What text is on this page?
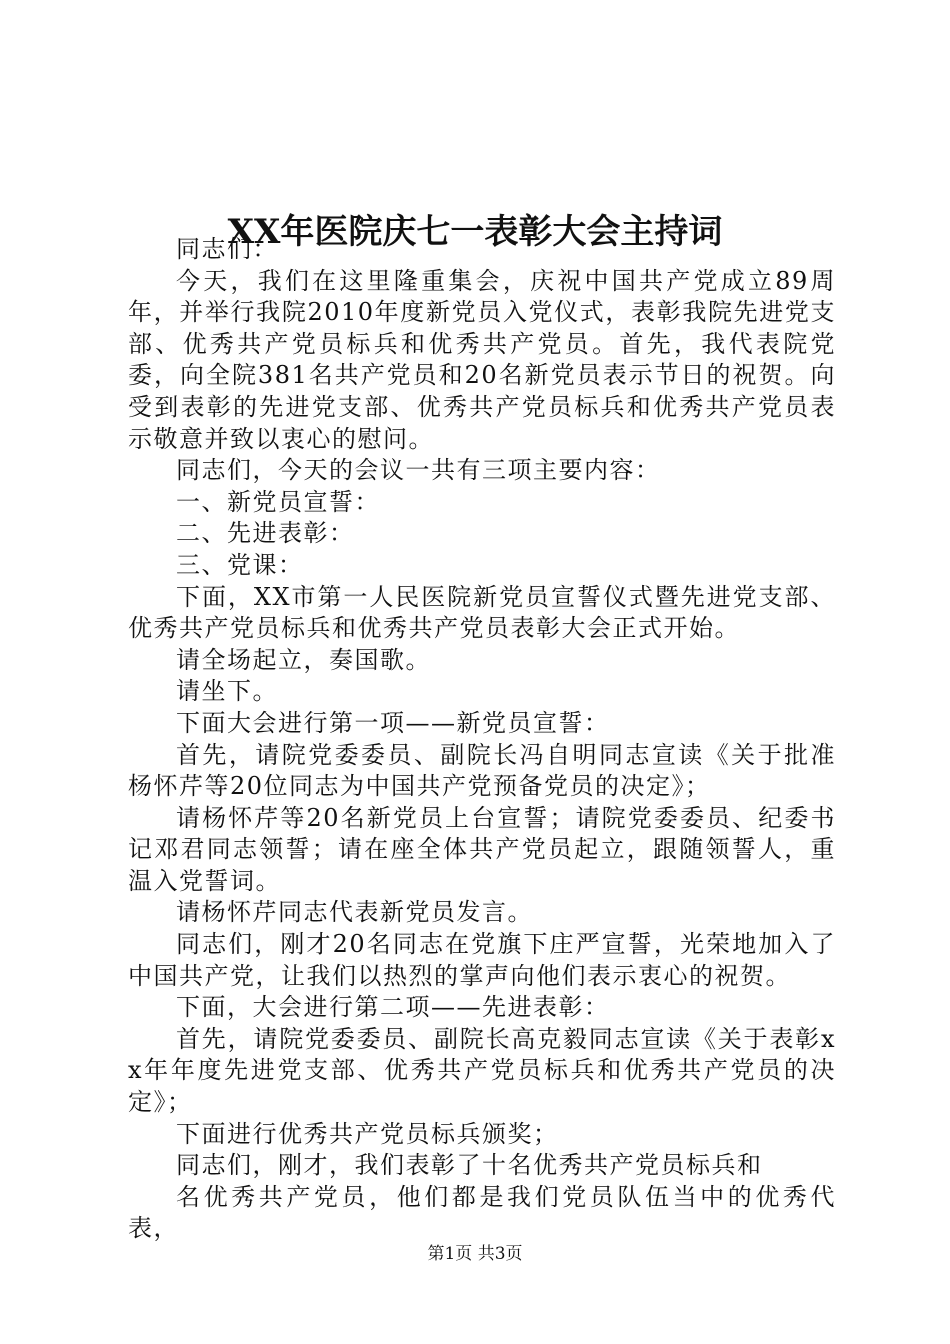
XX年医院庆七一表彰大会主持词

同志们：

今天，我们在这里隆重集会，庆祝中国共产党成立89周年，并举行我院2010年度新党员入党仪式，表彰我院先进党支部、优秀共产党员标兵和优秀共产党员。首先，我代表院党委，向全院381名共产党员和20名新党员表示节日的祝贺。向受到表彰的先进党支部、优秀共产党员标兵和优秀共产党员表示敬意并致以衷心的慰问。

同志们，今天的会议一共有三项主要内容：

一、新党员宣誓：

二、先进表彰：

三、党课：

下面，XX市第一人民医院新党员宣誓仪式暨先进党支部、优秀共产党员标兵和优秀共产党员表彰大会正式开始。

请全场起立，奏国歌。

请坐下。

下面大会进行第一项——新党员宣誓：

首先，请院党委委员、副院长冯自明同志宣读《关于批准杨怀芹等20位同志为中国共产党预备党员的决定》；

请杨怀芹等20名新党员上台宣誓；请院党委委员、纪委书记邓君同志领誓；请在座全体共产党员起立，跟随领誓人，重温入党誓词。

请杨怀芹同志代表新党员发言。

同志们，刚才20名同志在党旗下庄严宣誓，光荣地加入了中国共产党，让我们以热烈的掌声向他们表示衷心的祝贺。

下面，大会进行第二项——先进表彰：

首先，请院党委委员、副院长高克毅同志宣读《关于表彰xx年年度先进党支部、优秀共产党员标兵和优秀共产党员的决定》；

下面进行优秀共产党员标兵颁奖；

同志们，刚才，我们表彰了十名优秀共产党员标兵和

名优秀共产党员，他们都是我们党员队伍当中的优秀代表，

第1页 共3页
